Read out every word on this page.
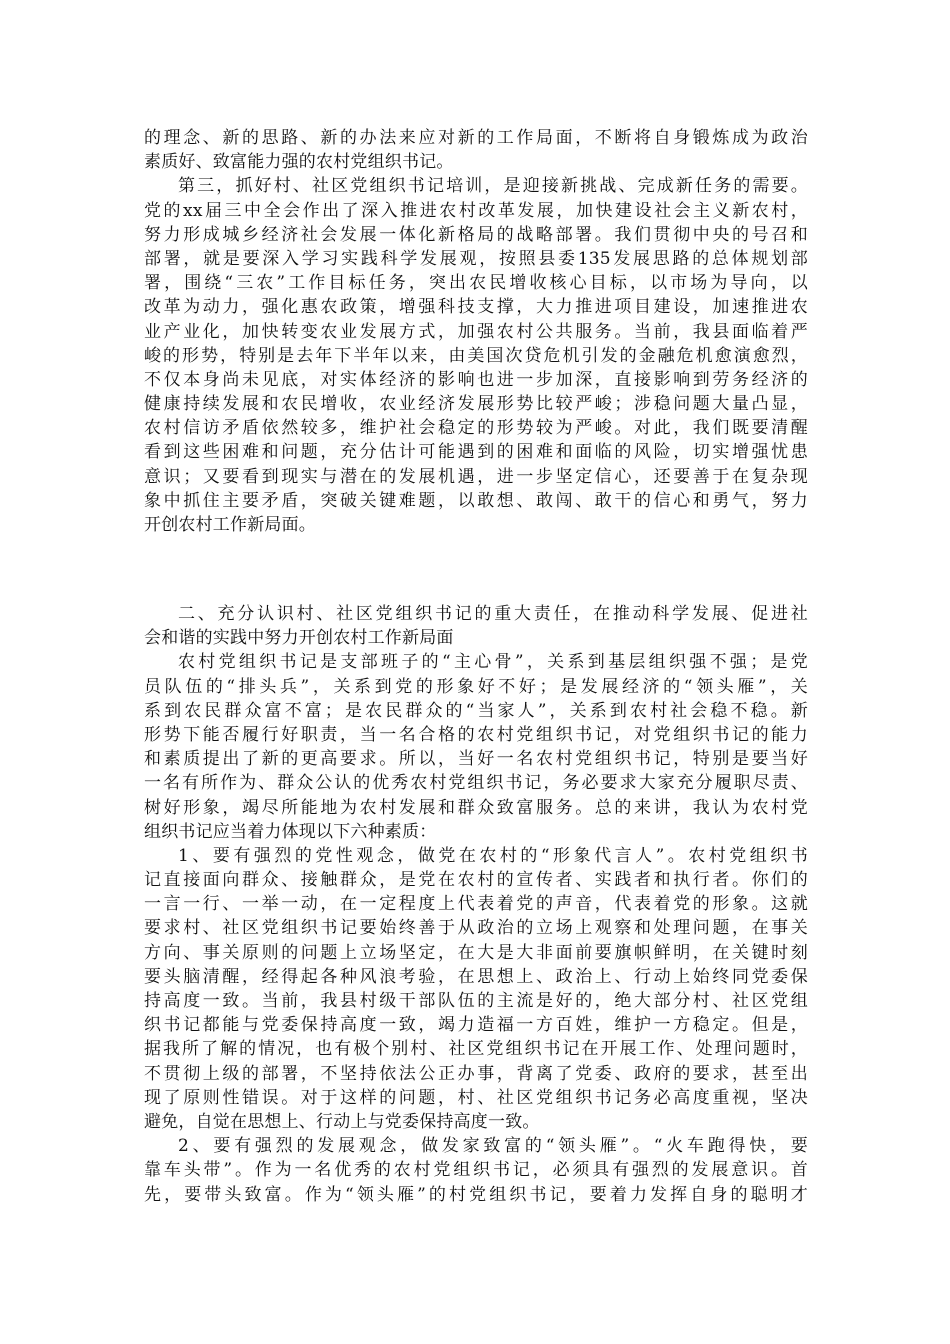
的理念、新的思路、新的办法来应对新的工作局面，不断将自身锻炼成为政治
素质好、致富能力强的农村党组织书记。
第三，抓好村、社区党组织书记培训，是迎接新挑战、完成新任务的需要。
党的xx届三中全会作出了深入推进农村改革发展，加快建设社会主义新农村，
努力形成城乡经济社会发展一体化新格局的战略部署。我们贯彻中央的号召和
部署，就是要深入学习实践科学发展观，按照县委135发展思路的总体规划部
署，围绕“三农”工作目标任务，突出农民增收核心目标，以市场为导向，以
改革为动力，强化惠农政策，增强科技支撑，大力推进项目建设，加速推进农
业产业化，加快转变农业发展方式，加强农村公共服务。当前，我县面临着严
峻的形势，特别是去年下半年以来，由美国次贷危机引发的金融危机愈演愈烈，
不仅本身尚未见底，对实体经济的影响也进一步加深，直接影响到劳务经济的
健康持续发展和农民增收，农业经济发展形势比较严峻；涉稳问题大量凸显，
农村信访矛盾依然较多，维护社会稳定的形势较为严峻。对此，我们既要清醒
看到这些困难和问题，充分估计可能遇到的困难和面临的风险，切实增强忧患
意识；又要看到现实与潜在的发展机遇，进一步坚定信心，还要善于在复杂现
象中抓住主要矛盾，突破关键难题，以敢想、敢闯、敢干的信心和勇气，努力
开创农村工作新局面。
二、充分认识村、社区党组织书记的重大责任，在推动科学发展、促进社
会和谐的实践中努力开创农村工作新局面
农村党组织书记是支部班子的“主心骨”，关系到基层组织强不强；是党
员队伍的“排头兵”，关系到党的形象好不好；是发展经济的“领头雁”，关
系到农民群众富不富；是农民群众的“当家人”，关系到农村社会稳不稳。新
形势下能否履行好职责，当一名合格的农村党组织书记，对党组织书记的能力
和素质提出了新的更高要求。所以，当好一名农村党组织书记，特别是要当好
一名有所作为、群众公认的优秀农村党组织书记，务必要求大家充分履职尽责、
树好形象，竭尽所能地为农村发展和群众致富服务。总的来讲，我认为农村党
组织书记应当着力体现以下六种素质：
1、要有强烈的党性观念，做党在农村的“形象代言人”。农村党组织书
记直接面向群众、接触群众，是党在农村的宣传者、实践者和执行者。你们的
一言一行、一举一动，在一定程度上代表着党的声音，代表着党的形象。这就
要求村、社区党组织书记要始终善于从政治的立场上观察和处理问题，在事关
方向、事关原则的问题上立场坚定，在大是大非面前要旗帜鲜明，在关键时刻
要头脑清醒，经得起各种风浪考验，在思想上、政治上、行动上始终同党委保
持高度一致。当前，我县村级干部队伍的主流是好的，绝大部分村、社区党组
织书记都能与党委保持高度一致，竭力造福一方百姓，维护一方稳定。但是，
据我所了解的情况，也有极个别村、社区党组织书记在开展工作、处理问题时，
不贯彻上级的部署，不坚持依法公正办事，背离了党委、政府的要求，甚至出
现了原则性错误。对于这样的问题，村、社区党组织书记务必高度重视，坚决
避免，自觉在思想上、行动上与党委保持高度一致。
2、要有强烈的发展观念，做发家致富的“领头雁”。“火车跑得快，要
靠车头带”。作为一名优秀的农村党组织书记，必须具有强烈的发展意识。首
先，要带头致富。作为“领头雁”的村党组织书记，要着力发挥自身的聪明才
